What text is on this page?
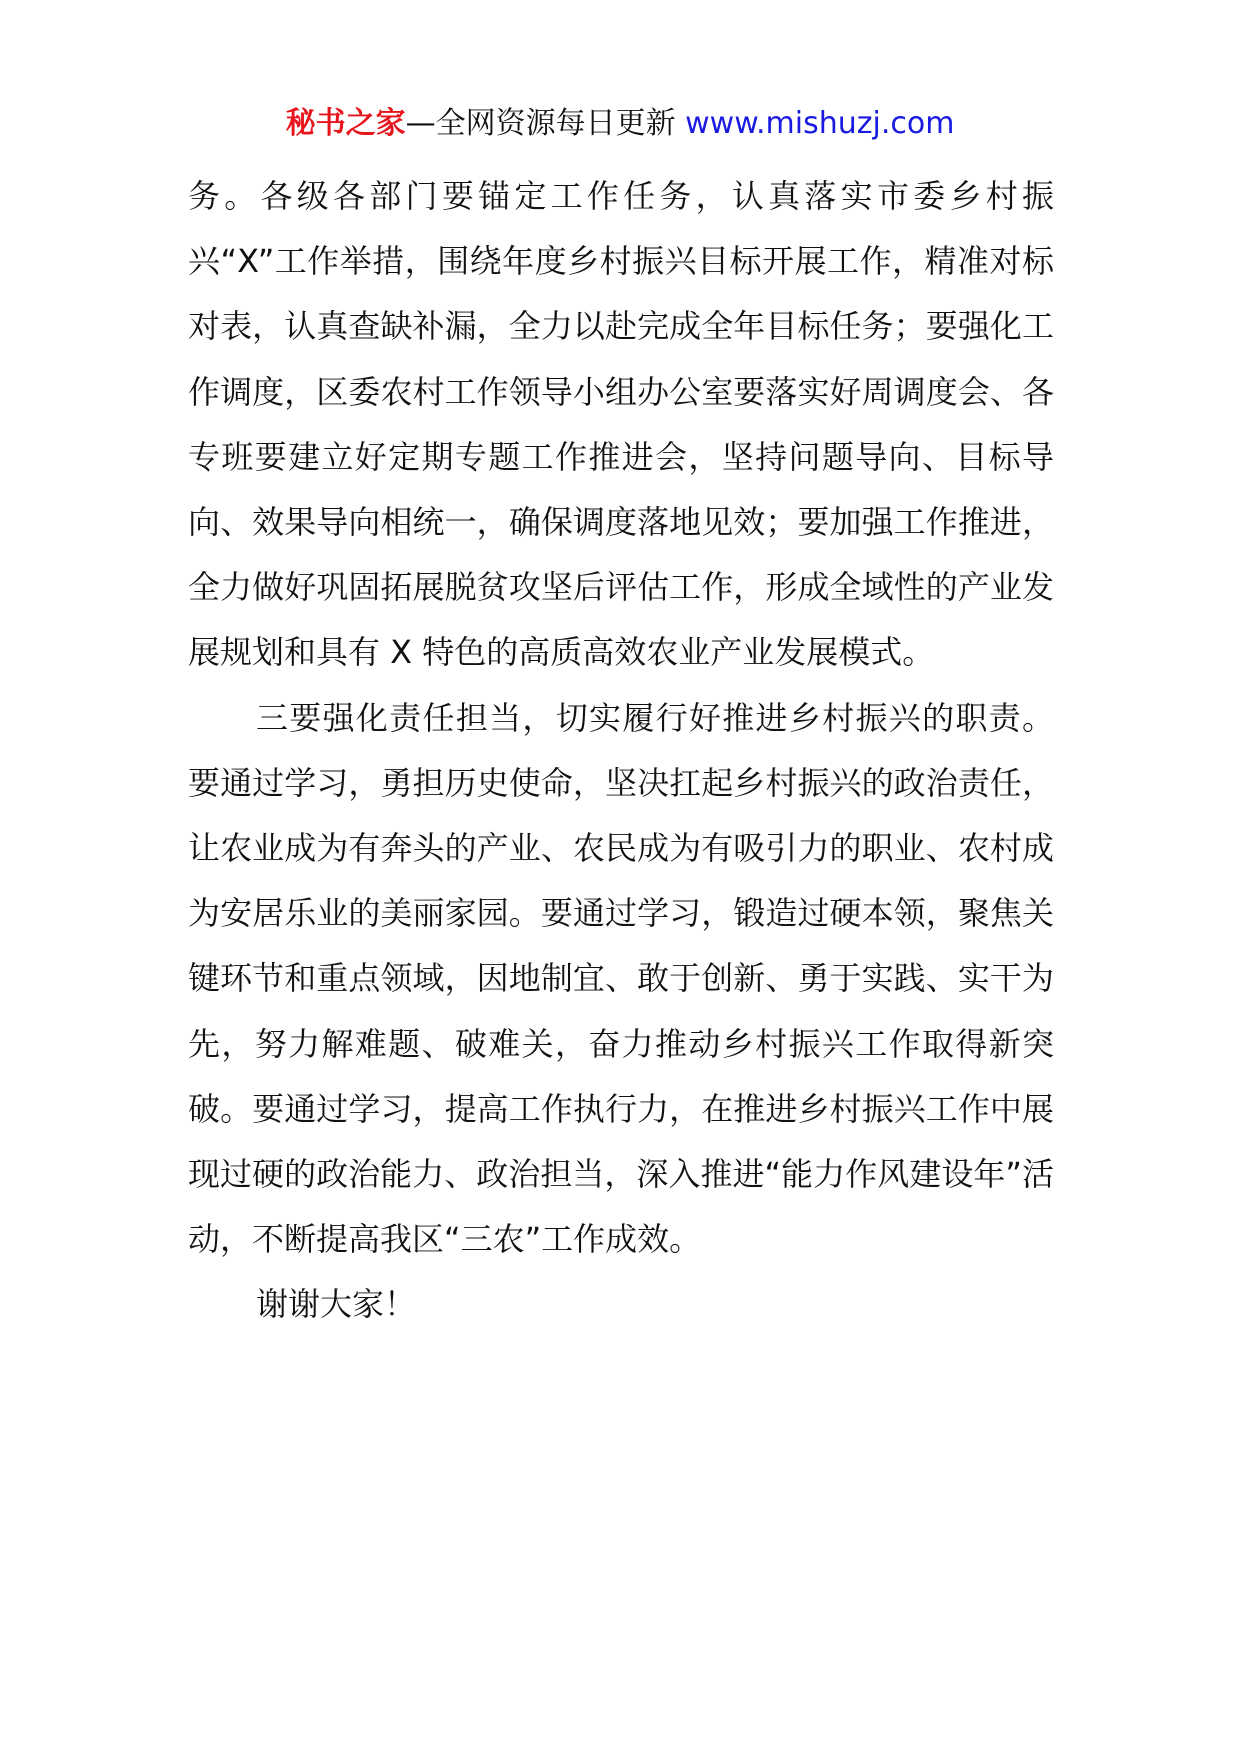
秘书之家—全网资源每日更新 www.mishuzj.com

务。各级各部门要锚定工作任务，认真落实市委乡村振兴“X”工作举措，围绕年度乡村振兴目标开展工作，精准对标对表，认真查缺补漏，全力以赴完成全年目标任务；要强化工作调度，区委农村工作领导小组办公室要落实好周调度会、各专班要建立好定期专题工作推进会，坚持问题导向、目标导向、效果导向相统一，确保调度落地见效；要加强工作推进，全力做好巩固拓展脱贫攻坚后评估工作，形成全域性的产业发展规划和具有 X 特色的高质高效农业产业发展模式。

三要强化责任担当，切实履行好推进乡村振兴的职责。要通过学习，勇担历史使命，坚决扛起乡村振兴的政治责任，让农业成为有奔头的产业、农民成为有吸引力的职业、农村成为安居乐业的美丽家园。要通过学习，锻造过硬本领，聚焦关键环节和重点领域，因地制宜、敢于创新、勇于实践、实干为先，努力解难题、破难关，奋力推动乡村振兴工作取得新突破。要通过学习，提高工作执行力，在推进乡村振兴工作中展现过硬的政治能力、政治担当，深入推进“能力作风建设年”活动，不断提高我区“三农”工作成效。

谢谢大家！
